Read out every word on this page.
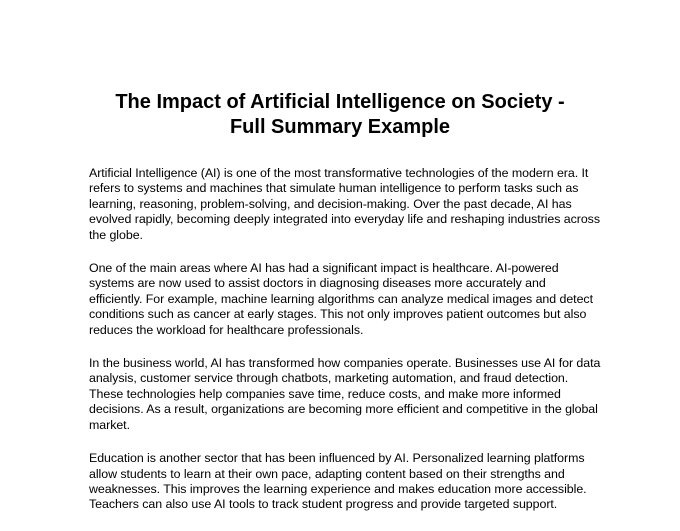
The Impact of Artificial Intelligence on Society -
Full Summary Example

Artificial Intelligence (AI) is one of the most transformative technologies of the modern era. It refers to systems and machines that simulate human intelligence to perform tasks such as learning, reasoning, problem-solving, and decision-making. Over the past decade, AI has evolved rapidly, becoming deeply integrated into everyday life and reshaping industries across the globe.

One of the main areas where AI has had a significant impact is healthcare. AI-powered systems are now used to assist doctors in diagnosing diseases more accurately and efficiently. For example, machine learning algorithms can analyze medical images and detect conditions such as cancer at early stages. This not only improves patient outcomes but also reduces the workload for healthcare professionals.

In the business world, AI has transformed how companies operate. Businesses use AI for data analysis, customer service through chatbots, marketing automation, and fraud detection. These technologies help companies save time, reduce costs, and make more informed decisions. As a result, organizations are becoming more efficient and competitive in the global market.

Education is another sector that has been influenced by AI. Personalized learning platforms allow students to learn at their own pace, adapting content based on their strengths and weaknesses. This improves the learning experience and makes education more accessible. Teachers can also use AI tools to track student progress and provide targeted support.
